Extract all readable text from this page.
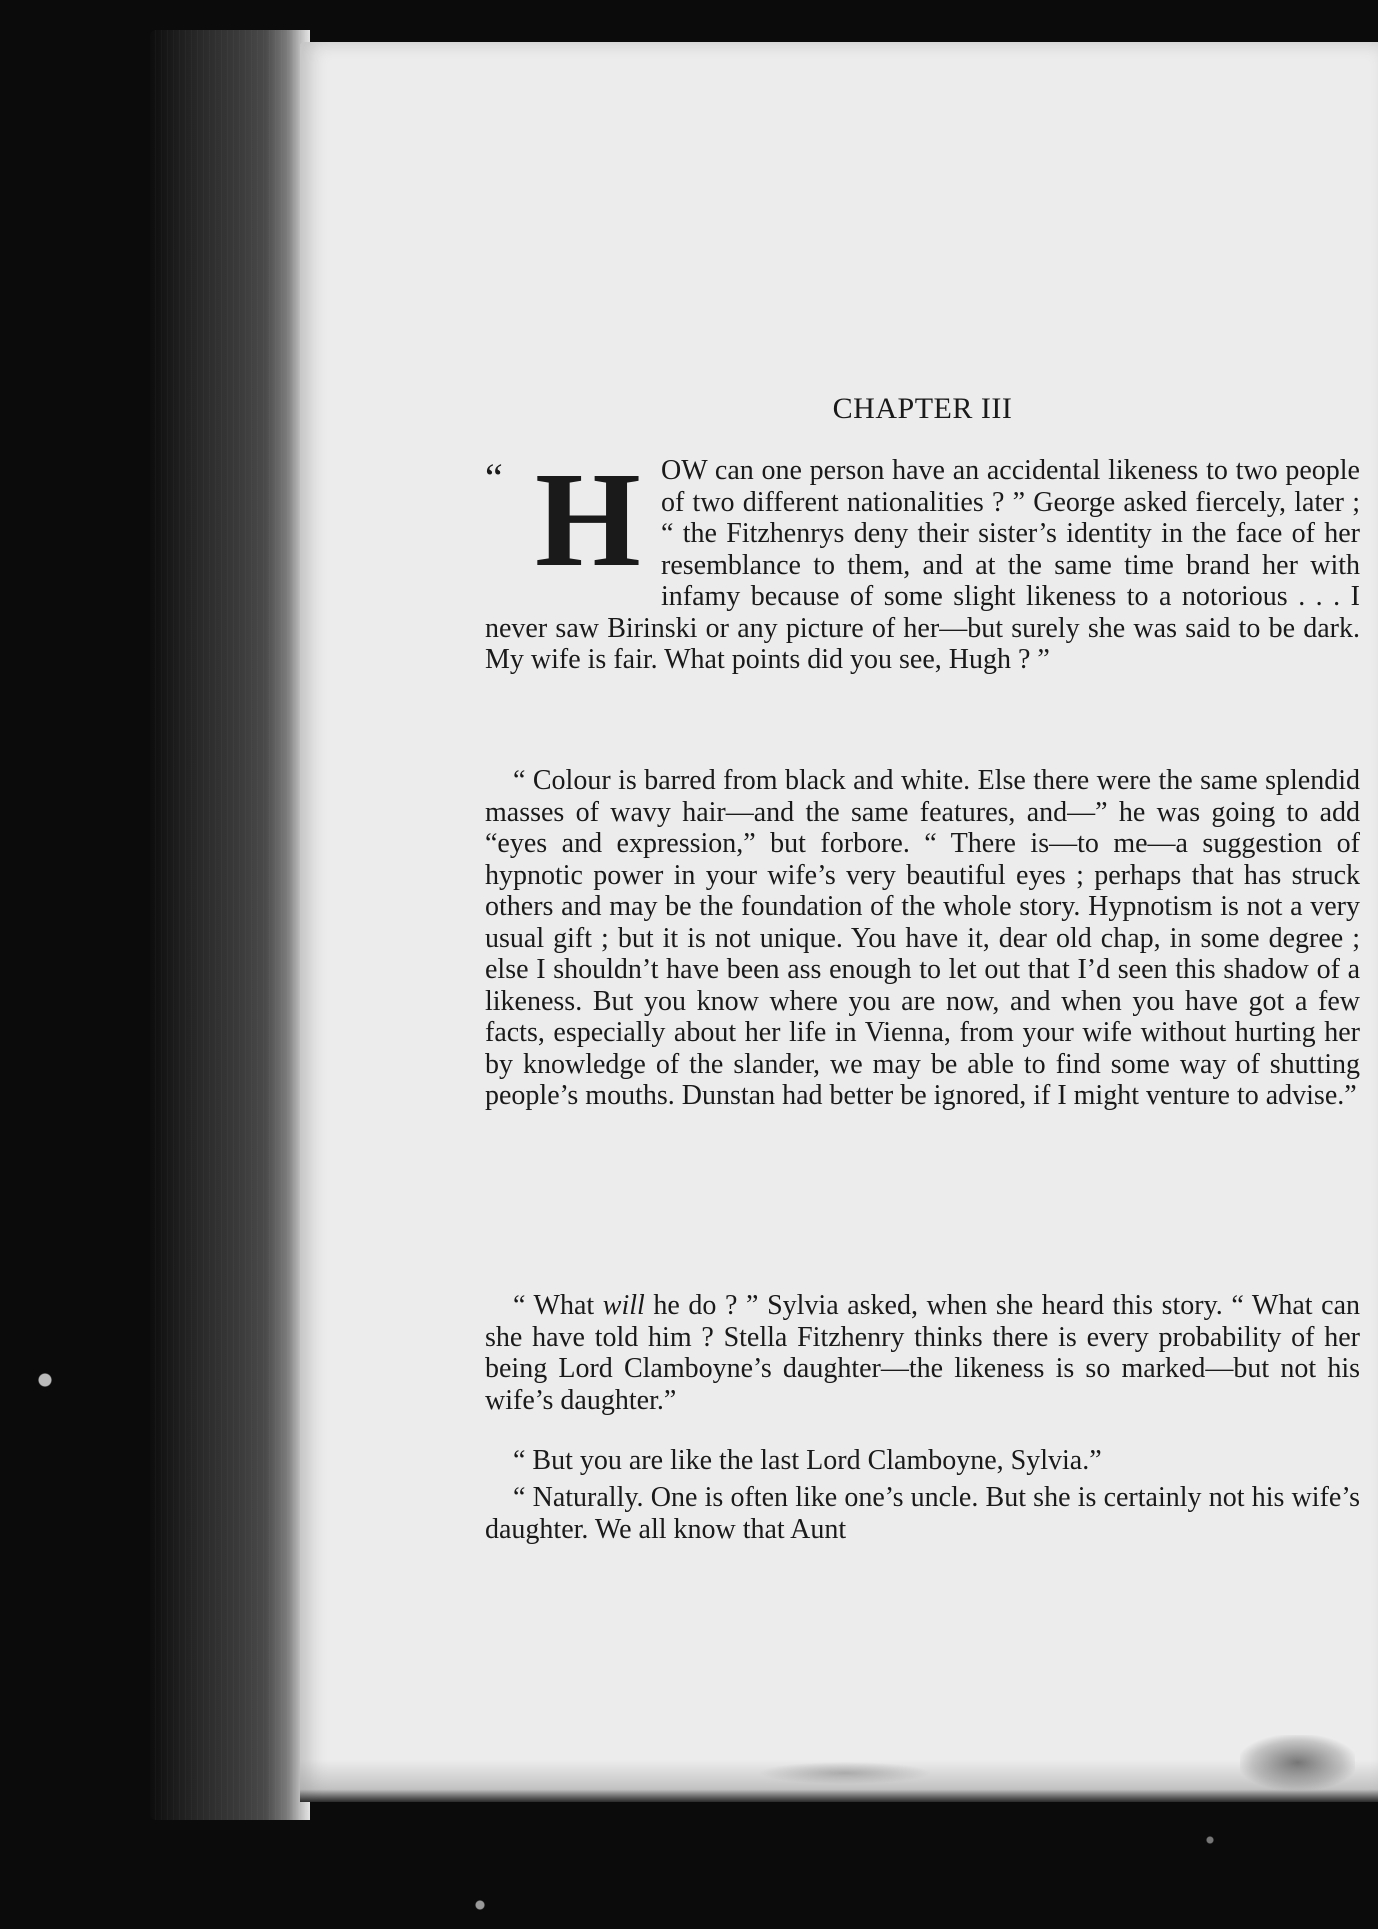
CHAPTER III
“ H OW can one person have an accidental likeness to two people of two different nationalities ? ” George asked fiercely, later ; “ the Fitzhenrys deny their sister’s identity in the face of her resemblance to them, and at the same time brand her with infamy because of some slight likeness to a notorious . . . I never saw Birinski or any picture of her—but surely she was said to be dark. My wife is fair. What points did you see, Hugh ? ”

“ Colour is barred from black and white. Else there were the same splendid masses of wavy hair—and the same features, and—” he was going to add “eyes and expression,” but forbore. “ There is—to me—a suggestion of hypnotic power in your wife’s very beautiful eyes ; perhaps that has struck others and may be the foundation of the whole story. Hypnotism is not a very usual gift ; but it is not unique. You have it, dear old chap, in some degree ; else I shouldn’t have been ass enough to let out that I’d seen this shadow of a likeness. But you know where you are now, and when you have got a few facts, especially about her life in Vienna, from your wife without hurting her by knowledge of the slander, we may be able to find some way of shutting people’s mouths. Dunstan had better be ignored, if I might venture to advise.”

“ What will he do ? ” Sylvia asked, when she heard this story. “ What can she have told him ? Stella Fitzhenry thinks there is every probability of her being Lord Clamboyne’s daughter—the likeness is so marked—but not his wife’s daughter.”

“ But you are like the last Lord Clamboyne, Sylvia.”

“ Naturally. One is often like one’s uncle. But she is certainly not his wife’s daughter. We all know that Aunt
